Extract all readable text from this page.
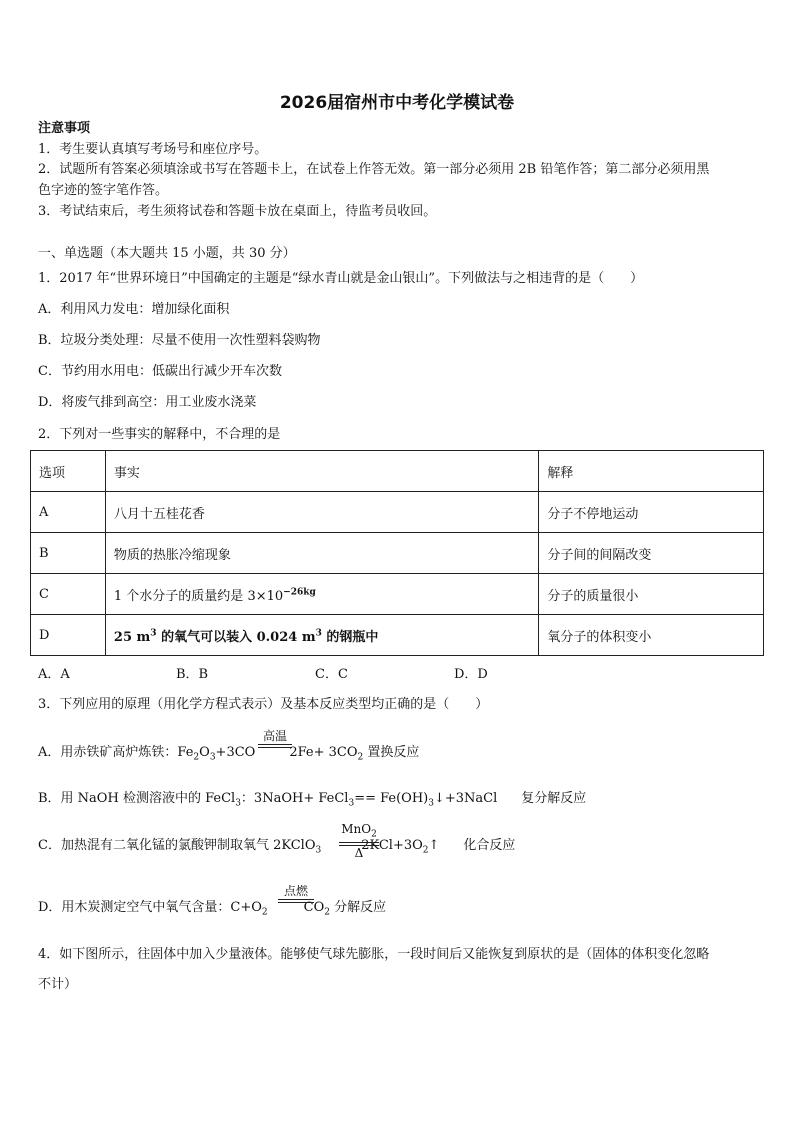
2026届宿州市中考化学模试卷
注意事项
1．考生要认真填写考场号和座位序号。
2．试题所有答案必须填涂或书写在答题卡上，在试卷上作答无效。第一部分必须用 2B 铅笔作答；第二部分必须用黑
色字迹的签字笔作答。
3．考试结束后，考生须将试卷和答题卡放在桌面上，待监考员收回。
一、单选题（本大题共 15 小题，共 30 分）
1．2017 年“世界环境日”中国确定的主题是“绿水青山就是金山银山”。下列做法与之相违背的是（　　）
A．利用风力发电：增加绿化面积
B．垃圾分类处理：尽量不使用一次性塑料袋购物
C．节约用水用电：低碳出行减少开车次数
D．将废气排到高空：用工业废水浇菜
2．下列对一些事实的解释中，不合理的是
选项	事实	解释
A	八月十五桂花香	分子不停地运动
B	物质的热胀冷缩现象	分子间的间隔改变
C	1 个水分子的质量约是 $3\times 10^{-26kg}$	分子的质量很小
D	25 $m^3$ 的氧气可以装入 0.024 $m^3$ 的钢瓶中	氧分子的体积变小
A．A	B．B	C．C	D．D
3．下列应用的原理（用化学方程式表示）及基本反应类型均正确的是（　　）
A．用赤铁矿高炉炼铁：$Fe_2O_3+3CO$	$2Fe+ 3CO_2$ 置换反应
高温
B．用 NaOH 检测溶液中的 FeCl$_3$：3NaOH+ FeCl$_3$== $Fe(OH)_3↓+3NaCl$ 复分解反应
C．加热混有二氧化锰的氯酸钾制取氧气 2KClO$_3$	$2KCl+3O_2↑$ 化合反应
MnO$_2$
Δ
D．用木炭测定空气中氧气含量：$C+O_2$	$CO_2$ 分解反应
点燃
4．如下图所示，往固体中加入少量液体。能够使气球先膨胀，一段时间后又能恢复到原状的是（固体的体积变化忽略
不计）
